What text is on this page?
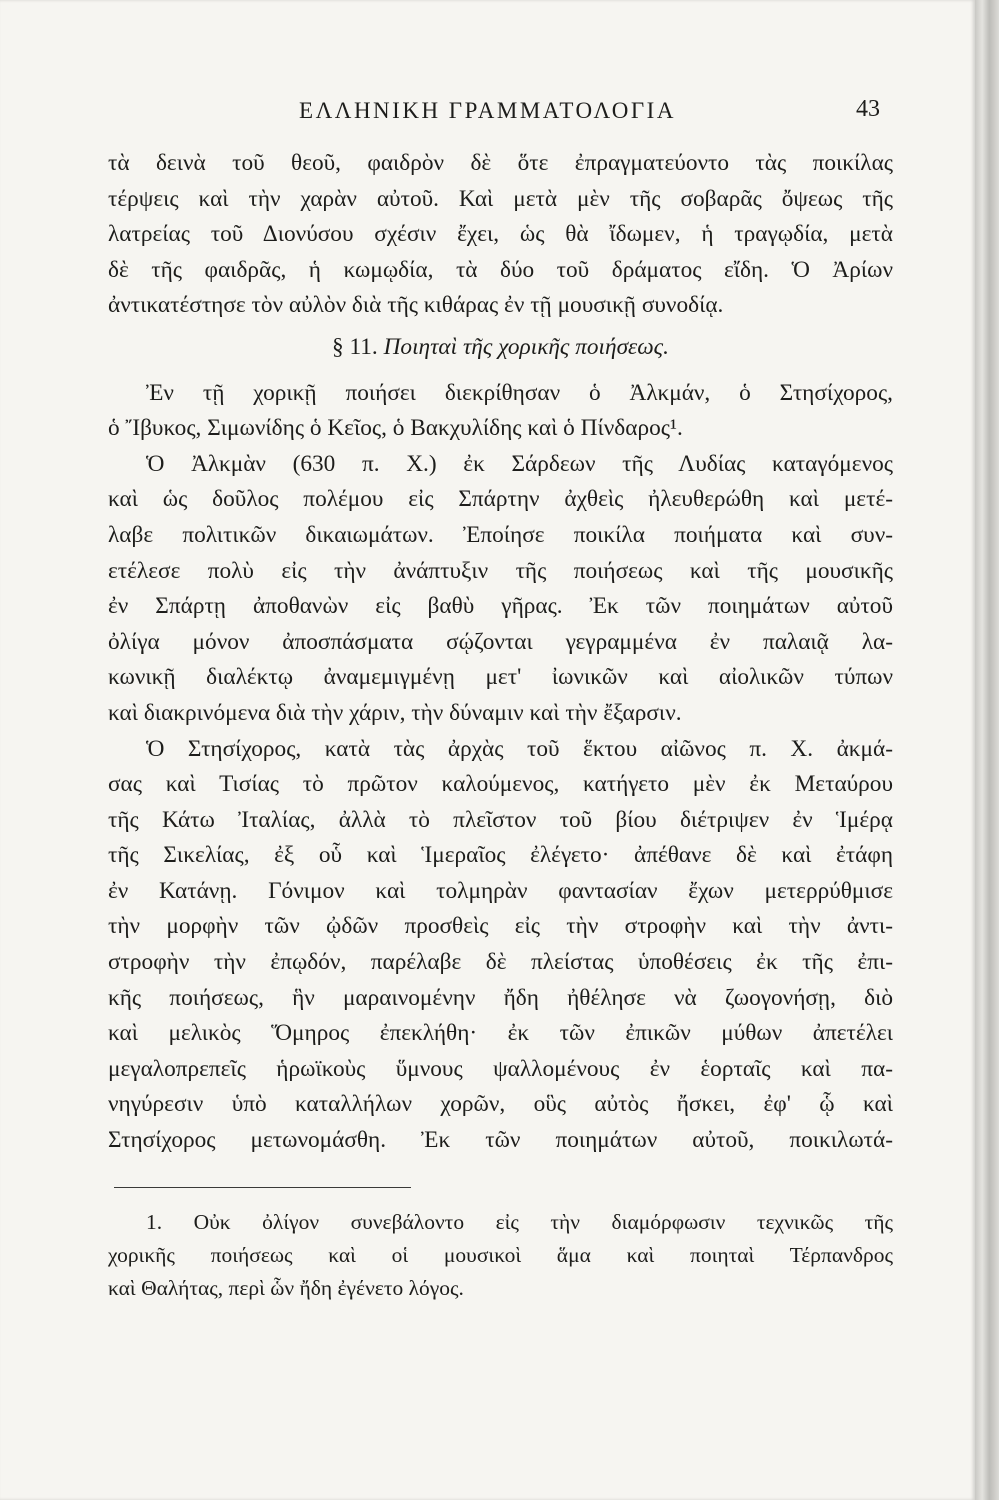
ΕΛΛΗΝΙΚΗ ΓΡΑΜΜΑΤΟΛΟΓΙΑ	43
τὰ δεινὰ τοῦ θεοῦ, φαιδρὸν δὲ ὅτε ἐπραγματεύοντο τὰς ποικίλας
τέρψεις καὶ τὴν χαρὰν αὐτοῦ. Καὶ μετὰ μὲν τῆς σοβαρᾶς ὄψεως τῆς
λατρείας τοῦ Διονύσου σχέσιν ἔχει, ὡς θὰ ἴδωμεν, ἡ τραγῳδία, μετὰ
δὲ τῆς φαιδρᾶς, ἡ κωμῳδία, τὰ δύο τοῦ δράματος εἴδη. Ὁ Ἀρίων
ἀντικατέστησε τὸν αὐλὸν διὰ τῆς κιθάρας ἐν τῇ μουσικῇ συνοδίᾳ.
§ 11. Ποιηταὶ τῆς χορικῆς ποιήσεως.
Ἐν τῇ χορικῇ ποιήσει διεκρίθησαν ὁ Ἀλκμάν, ὁ Στησίχορος,
ὁ Ἴβυκος, Σιμωνίδης ὁ Κεῖος, ὁ Βακχυλίδης καὶ ὁ Πίνδαρος¹.
Ὁ Ἀλκμὰν (630 π. Χ.) ἐκ Σάρδεων τῆς Λυδίας καταγόμενος
καὶ ὡς δοῦλος πολέμου εἰς Σπάρτην ἀχθεὶς ἠλευθερώθη καὶ μετέ-
λαβε πολιτικῶν δικαιωμάτων. Ἐποίησε ποικίλα ποιήματα καὶ συν-
ετέλεσε πολὺ εἰς τὴν ἀνάπτυξιν τῆς ποιήσεως καὶ τῆς μουσικῆς
ἐν Σπάρτῃ ἀποθανὼν εἰς βαθὺ γῆρας. Ἐκ τῶν ποιημάτων αὐτοῦ
ὀλίγα μόνον ἀποσπάσματα σῴζονται γεγραμμένα ἐν παλαιᾷ λα-
κωνικῇ διαλέκτῳ ἀναμεμιγμένῃ μετ' ἰωνικῶν καὶ αἰολικῶν τύπων
καὶ διακρινόμενα διὰ τὴν χάριν, τὴν δύναμιν καὶ τὴν ἔξαρσιν.
Ὁ Στησίχορος, κατὰ τὰς ἀρχὰς τοῦ ἕκτου αἰῶνος π. Χ. ἀκμά-
σας καὶ Τισίας τὸ πρῶτον καλούμενος, κατήγετο μὲν ἐκ Μεταύρου
τῆς Κάτω Ἰταλίας, ἀλλὰ τὸ πλεῖστον τοῦ βίου διέτριψεν ἐν Ἱμέρᾳ
τῆς Σικελίας, ἐξ οὗ καὶ Ἱμεραῖος ἐλέγετο· ἀπέθανε δὲ καὶ ἐτάφη
ἐν Κατάνῃ. Γόνιμον καὶ τολμηρὰν φαντασίαν ἔχων μετερρύθμισε
τὴν μορφὴν τῶν ᾠδῶν προσθεὶς εἰς τὴν στροφὴν καὶ τὴν ἀντι-
στροφὴν τὴν ἐπῳδόν, παρέλαβε δὲ πλείστας ὑποθέσεις ἐκ τῆς ἐπι-
κῆς ποιήσεως, ἣν μαραινομένην ἤδη ἠθέλησε νὰ ζωογονήσῃ, διὸ
καὶ μελικὸς Ὅμηρος ἐπεκλήθη· ἐκ τῶν ἐπικῶν μύθων ἀπετέλει
μεγαλοπρεπεῖς ἡρωϊκοὺς ὕμνους ψαλλομένους ἐν ἑορταῖς καὶ πα-
νηγύρεσιν ὑπὸ καταλλήλων χορῶν, οὓς αὐτὸς ἤσκει, ἐφ' ᾧ καὶ
Στησίχορος μετωνομάσθη. Ἐκ τῶν ποιημάτων αὐτοῦ, ποικιλωτά-
1. Οὐκ ὀλίγον συνεβάλοντο εἰς τὴν διαμόρφωσιν τεχνικῶς τῆς
χορικῆς ποιήσεως καὶ οἱ μουσικοὶ ἅμα καὶ ποιηταὶ Τέρπανδρος
καὶ Θαλήτας, περὶ ὧν ἤδη ἐγένετο λόγος.
